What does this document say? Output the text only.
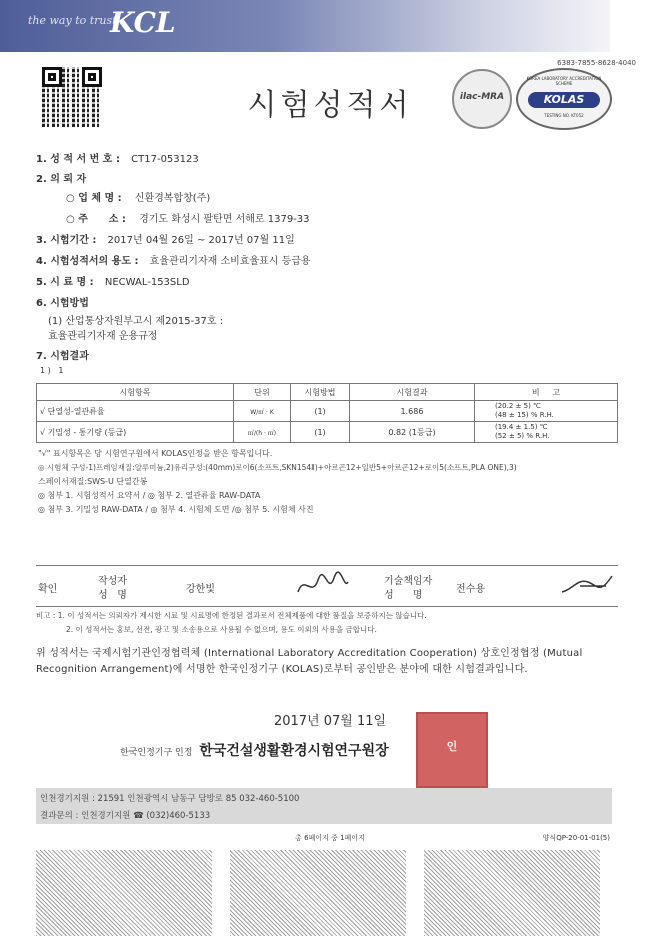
the way to trust
KCL
6383-7855-8628-4040
시험성적서	ilac-MRA
KOREA LABORATORY ACCREDITATION SCHEME
KOLAS
TESTING NO. KT052
1. 성 적 서 번 호 : CT17-053123
2. 의 뢰 자
○ 업 체 명 : 신환경복합창(주)
○ 주      소 : 경기도 화성시 팔탄면 서해로 1379-33
3. 시험기간 : 2017년 04월 26일 ~ 2017년 07월 11일
4. 시험성적서의 용도 : 효율관리기자재 소비효율표시 등급용
5. 시 료 명 : NECWAL-153SLD
6. 시험방법
(1) 산업통상자원부고시 제2015-37호 :
효율관리기자재 운용규정
7. 시험결과
1 )   1
시험항목	단위	시험방법	시험결과	비     고
√ 단열성-열관류율	W/㎡ · K	(1)	1.686	(20.2 ± 5) ℃
(48 ± 15) % R.H.

√ 기밀성 - 통기량 (등급)	㎥/(h · ㎡)	(1)	0.82 (1등급)	(19.4 ± 1.5) ℃
(52 ± 5) % R.H.
"√" 표시항목은 당 시험연구원에서 KOLAS인정을 받은 항목입니다.
◎ 시험체 구성-1)프레임재질:알루미늄,2)유리구성:(40mm)로이6(소프트,SKN154Ⅱ)+아르곤12+일반5+아르곤12+로이5(소프트,PLA ONE),3)
스페이서재질:SWS-U 단열간봉
◎ 첨부 1. 시험성적서 요약서 / ◎ 첨부 2. 열관류율 RAW-DATA
◎ 첨부 3. 기밀성 RAW-DATA / ◎ 첨부 4. 시험체 도면 /◎ 첨부 5. 시험체 사진
확인
작성자
성   명
강한빛
기술책임자
성      명
전수용
비고 : 1. 이 성적서는 의뢰자가 제시한 시료 및 시료명에 한정된 결과로서 전체제품에 대한 품질을 보증하지는 않습니다.
2. 이 성적서는 홍보, 선전, 광고 및 소송용으로 사용될 수 없으며, 용도 이외의 사용을 금합니다.
위 성적서는 국제시험기관인정협력체 (International Laboratory Accreditation Cooperation) 상호인정협정 (Mutual Recognition Arrangement)에 서명한 한국인정기구 (KOLAS)로부터 공인받은 분야에 대한 시험결과입니다.
2017년 07월 11일
인
한국인정기구 인정 한국건설생활환경시험연구원장
인천경기지원 : 21591 인천광역시 남동구 담방로 85 032-460-5100
결과문의 : 인천경기지원 ☎ (032)460-5133
총 6페이지 중 1페이지	양식QP-20-01-01(5)
